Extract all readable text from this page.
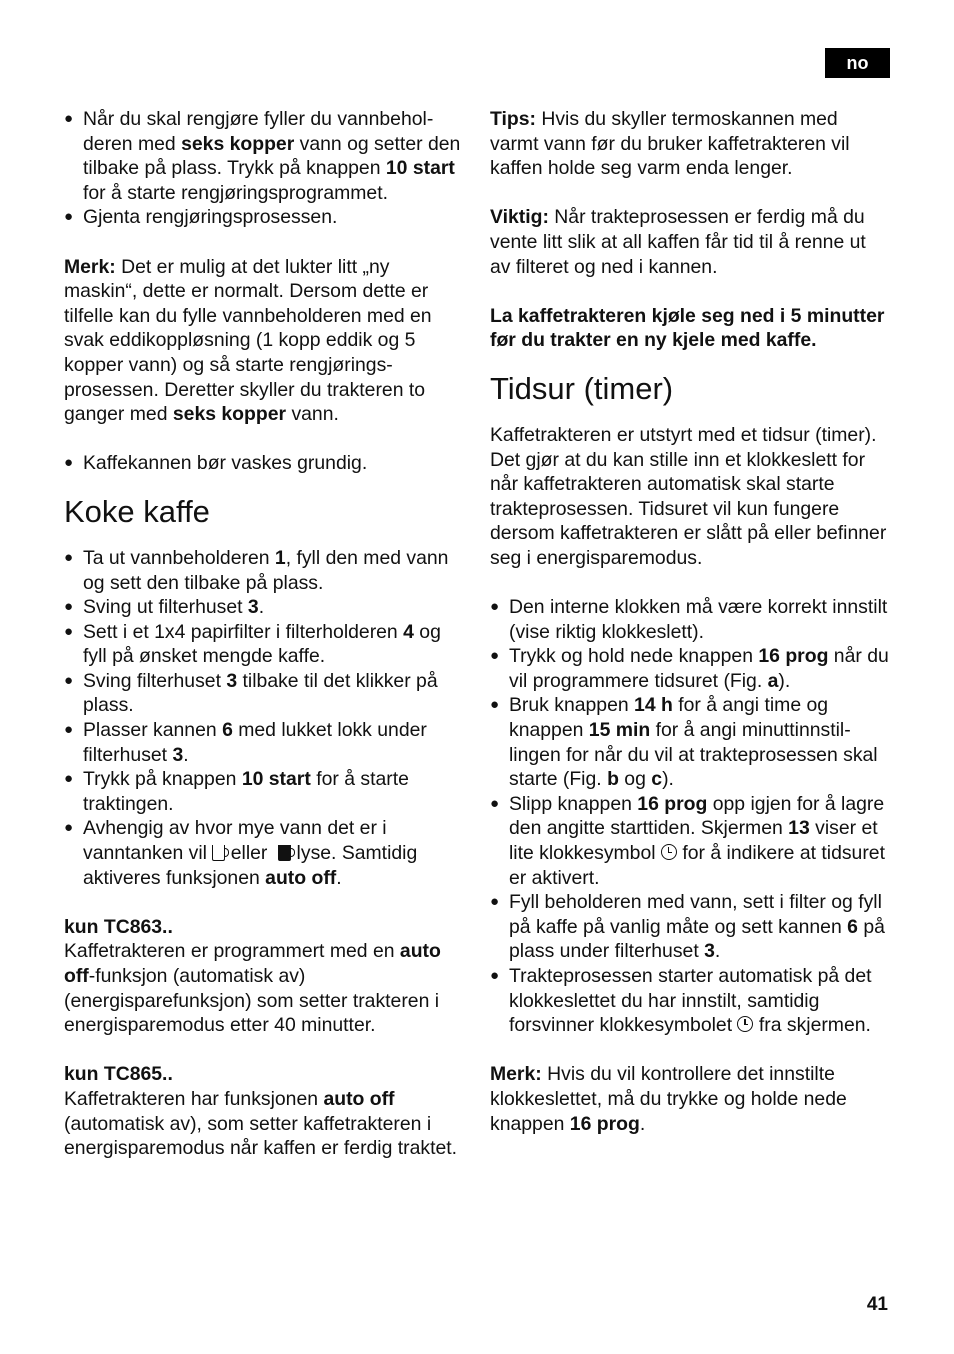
no
● Når du skal rengjøre fyller du vannbeholderen med seks kopper vann og setter den tilbake på plass. Trykk på knappen 10 start for å starte rengjøringsprogrammet.
● Gjenta rengjøringsprosessen.

Merk: Det er mulig at det lukter litt „ny maskin“, dette er normalt. Dersom dette er tilfelle kan du fylle vannbeholderen med en svak eddikoppløsning (1 kopp eddik og 5 kopper vann) og så starte rengjøringsprosessen. Deretter skyller du trakteren to ganger med seks kopper vann.

● Kaffekannen bør vaskes grundig.
Koke kaffe
● Ta ut vannbeholderen 1, fyll den med vann og sett den tilbake på plass.
● Sving ut filterhuset 3.
● Sett i et 1x4 papirfilter i filterholderen 4 og fyll på ønsket mengde kaffe.
● Sving filterhuset 3 tilbake til det klikker på plass.
● Plasser kannen 6 med lukket lokk under filterhuset 3.
● Trykk på knappen 10 start for å starte traktingen.
● Avhengig av hvor mye vann det er i vanntanken vil  eller   lyse. Samtidig aktiveres funksjonen auto off.

kun TC863..

Kaffetrakteren er programmert med en auto off-funksjon (automatisk av) (energisparefunksjon) som setter trakteren i energisparemodus etter 40 minutter.

kun TC865..

Kaffetrakteren har funksjonen auto off (automatisk av), som setter kaffetrakteren i energisparemodus når kaffen er ferdig traktet.

Tips: Hvis du skyller termoskannen med varmt vann før du bruker kaffetrakteren vil kaffen holde seg varm enda lenger.

Viktig: Når trakteprosessen er ferdig må du vente litt slik at all kaffen får tid til å renne ut av filteret og ned i kannen.

La kaffetrakteren kjøle seg ned i 5 minutter før du trakter en ny kjele med kaffe.

Tidsur (timer)

Kaffetrakteren er utstyrt med et tidsur (timer). Det gjør at du kan stille inn et klokkeslett for når kaffetrakteren automatisk skal starte trakteprosessen. Tidsuret vil kun fungere dersom kaffetrakteren er slått på eller befinner seg i energisparemodus.

● Den interne klokken må være korrekt innstilt (vise riktig klokkeslett).
● Trykk og hold nede knappen 16 prog når du vil programmere tidsuret (Fig. a).
● Bruk knappen 14 h for å angi time og knappen 15 min for å angi minuttinnstillingen for når du vil at trakteprosessen skal starte (Fig. b og c).
● Slipp knappen 16 prog opp igjen for å lagre den angitte starttiden. Skjermen 13 viser et lite klokkesymbol  for å indikere at tidsuret er aktivert.
● Fyll beholderen med vann, sett i filter og fyll på kaffe på vanlig måte og sett kannen 6 på plass under filterhuset 3.
● Trakteprosessen starter automatisk på det klokkeslettet du har innstilt, samtidig forsvinner klokkesymbolet  fra skjermen.

Merk: Hvis du vil kontrollere det innstilte klokkeslettet, må du trykke og holde nede knappen 16 prog.

41
